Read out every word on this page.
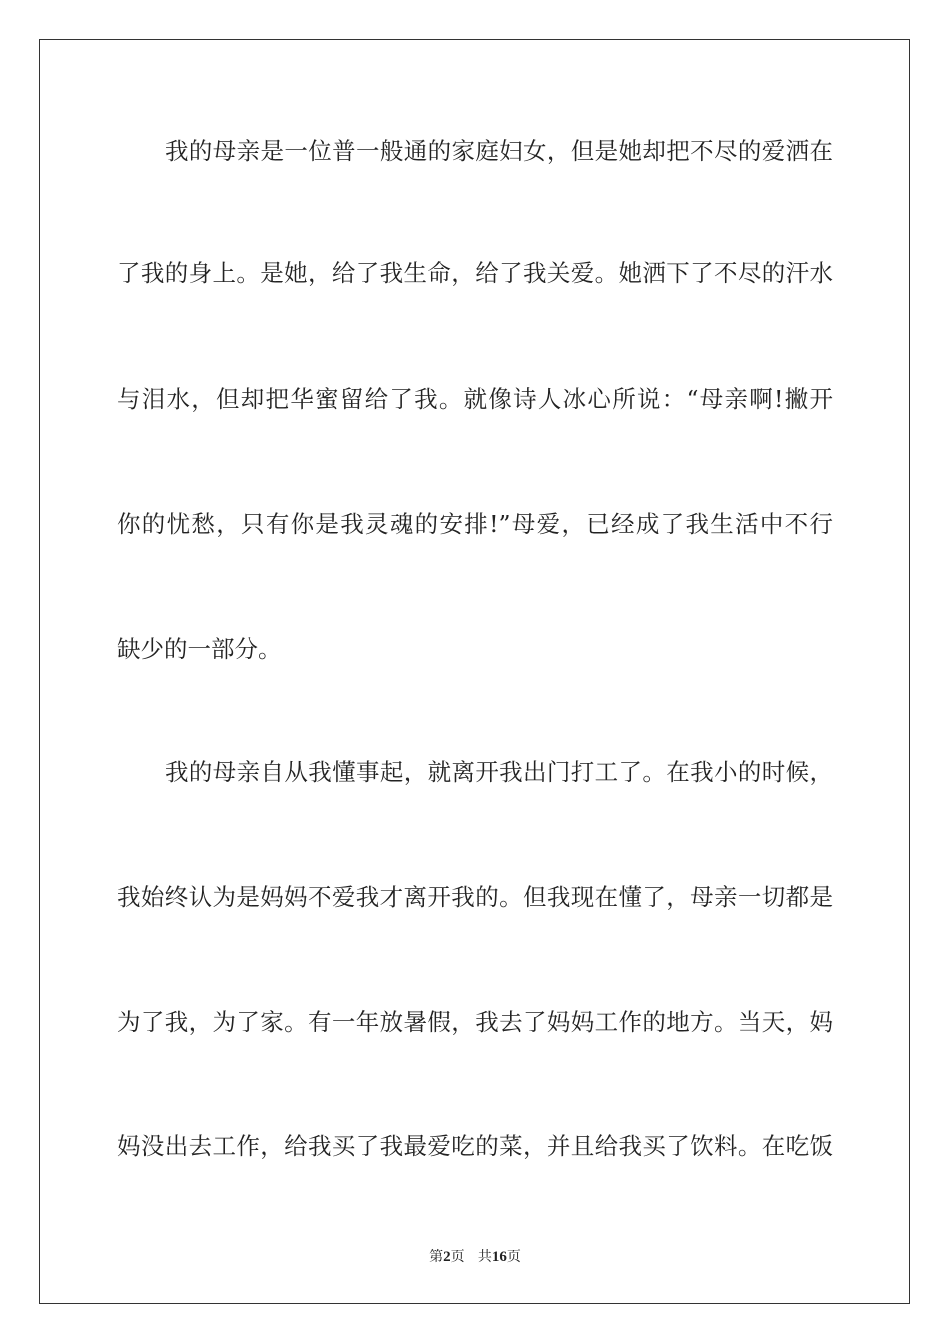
我的母亲是一位普一般通的家庭妇女，但是她却把不尽的爱洒在
了我的身上。是她，给了我生命，给了我关爱。她洒下了不尽的汗水
与泪水，但却把华蜜留给了我。就像诗人冰心所说：“母亲啊!撇开
你的忧愁，只有你是我灵魂的安排!”母爱，已经成了我生活中不行
缺少的一部分。
我的母亲自从我懂事起，就离开我出门打工了。在我小的时候，
我始终认为是妈妈不爱我才离开我的。但我现在懂了，母亲一切都是
为了我，为了家。有一年放暑假，我去了妈妈工作的地方。当天，妈
妈没出去工作，给我买了我最爱吃的菜，并且给我买了饮料。在吃饭
第2页   共16页
